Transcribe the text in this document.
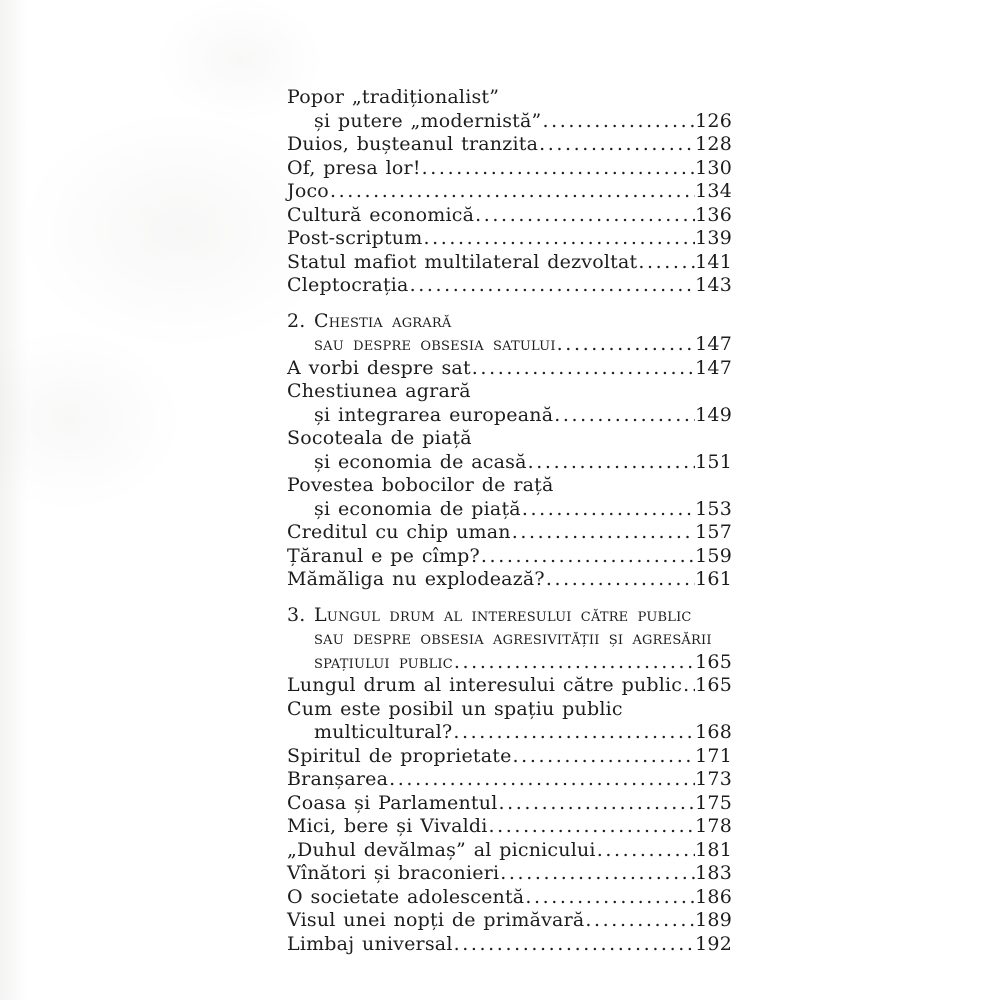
Popor „tradiționalist”
și putere „modernistă” .....	126
Duios, bușteanul tranzita .....	128
Of, presa lor! .....	130
Joco .....	134
Cultură economică .....	136
Post-scriptum .....	139
Statul mafiot multilateral dezvoltat .....	141
Cleptocrația .....	143
2. Chestia agrară
sau despre obsesia satului .....	147
A vorbi despre sat .....	147
Chestiunea agrară
și integrarea europeană .....	149
Socoteala de piață
și economia de acasă .....	151
Povestea bobocilor de rață
și economia de piață .....	153
Creditul cu chip uman .....	157
Țăranul e pe cîmp? .....	159
Mămăliga nu explodează? .....	161
3. Lungul drum al interesului către public
sau despre obsesia agresivității și agresării
spațiului public .....	165
Lungul drum al interesului către public ..... 165
Cum este posibil un spațiu public
multicultural? .....	168
Spiritul de proprietate .....	171
Branșarea .....	173
Coasa și Parlamentul .....	175
Mici, bere și Vivaldi .....	178
„Duhul devălmaș” al picnicului .....	181
Vînători și braconieri .....	183
O societate adolescentă .....	186
Visul unei nopți de primăvară .....	189
Limbaj universal .....	192
